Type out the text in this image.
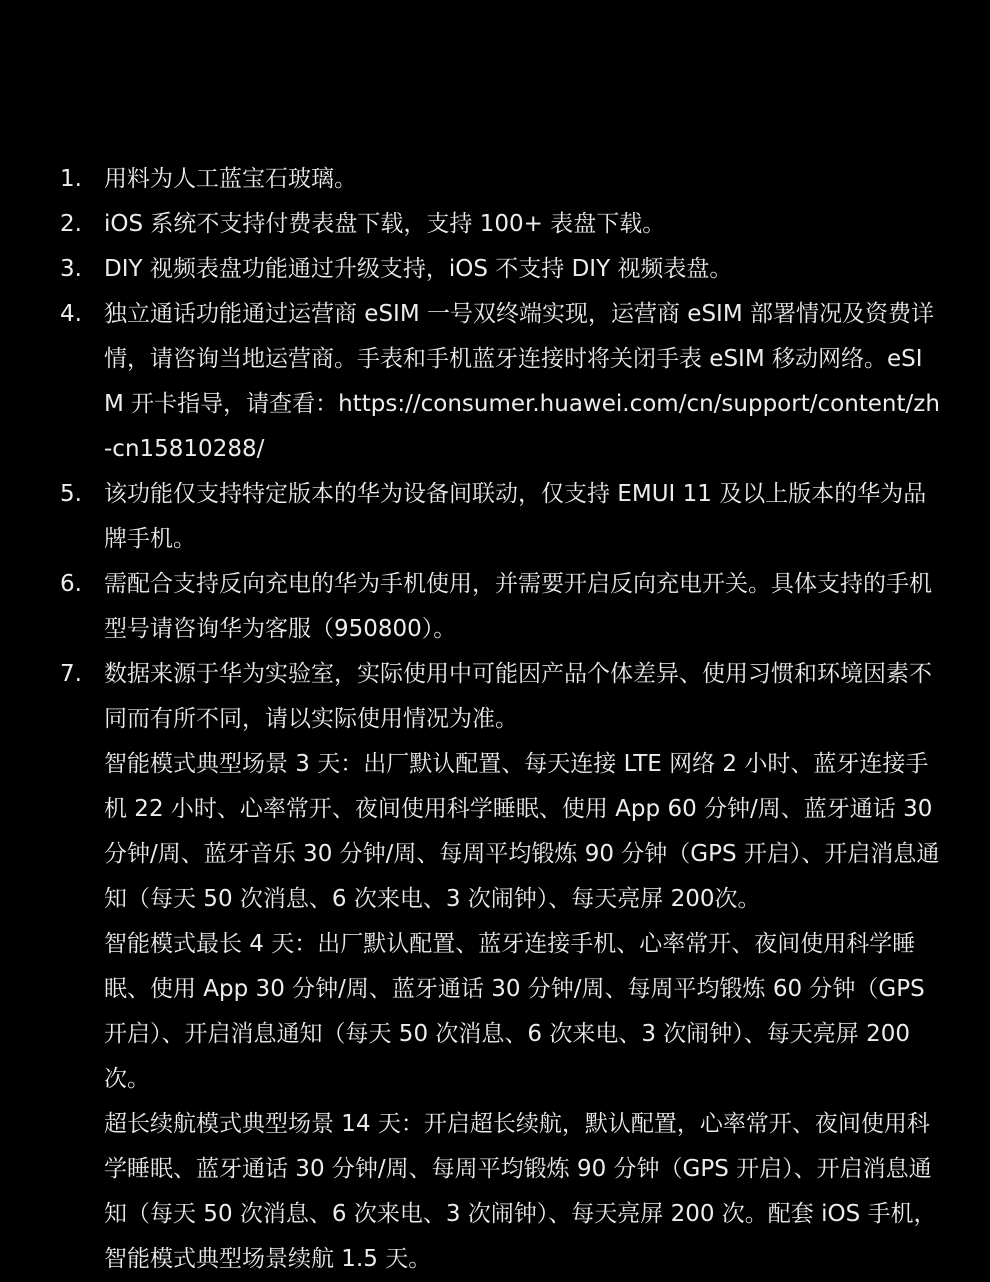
1. 用料为人工蓝宝石玻璃。

2. iOS 系统不支持付费表盘下载，支持 100+ 表盘下载。

3. DIY 视频表盘功能通过升级支持，iOS 不支持 DIY 视频表盘。

4. 独立通话功能通过运营商 eSIM 一号双终端实现，运营商 eSIM 部署情况及资费详情，请咨询当地运营商。手表和手机蓝牙连接时将关闭手表 eSIM 移动网络。eSIM 开卡指导，请查看：https://consumer.huawei.com/cn/support/content/zh-cn15810288/

5. 该功能仅支持特定版本的华为设备间联动，仅支持 EMUI 11 及以上版本的华为品牌手机。

6. 需配合支持反向充电的华为手机使用，并需要开启反向充电开关。具体支持的手机型号请咨询华为客服（950800）。

7. 数据来源于华为实验室，实际使用中可能因产品个体差异、使用习惯和环境因素不同而有所不同，请以实际使用情况为准。

智能模式典型场景 3 天：出厂默认配置、每天连接 LTE 网络 2 小时、蓝牙连接手机 22 小时、心率常开、夜间使用科学睡眠、使用 App 60 分钟/周、蓝牙通话 30 分钟/周、蓝牙音乐 30 分钟/周、每周平均锻炼 90 分钟（GPS 开启）、开启消息通知（每天 50 次消息、6 次来电、3 次闹钟）、每天亮屏 200次。

智能模式最长 4 天：出厂默认配置、蓝牙连接手机、心率常开、夜间使用科学睡眠、使用 App 30 分钟/周、蓝牙通话 30 分钟/周、每周平均锻炼 60 分钟（GPS 开启）、开启消息通知（每天 50 次消息、6 次来电、3 次闹钟）、每天亮屏 200 次。

超长续航模式典型场景 14 天：开启超长续航，默认配置，心率常开、夜间使用科学睡眠、蓝牙通话 30 分钟/周、每周平均锻炼 90 分钟（GPS 开启）、开启消息通知（每天 50 次消息、6 次来电、3 次闹钟）、每天亮屏 200 次。配套 iOS 手机，智能模式典型场景续航 1.5 天。
